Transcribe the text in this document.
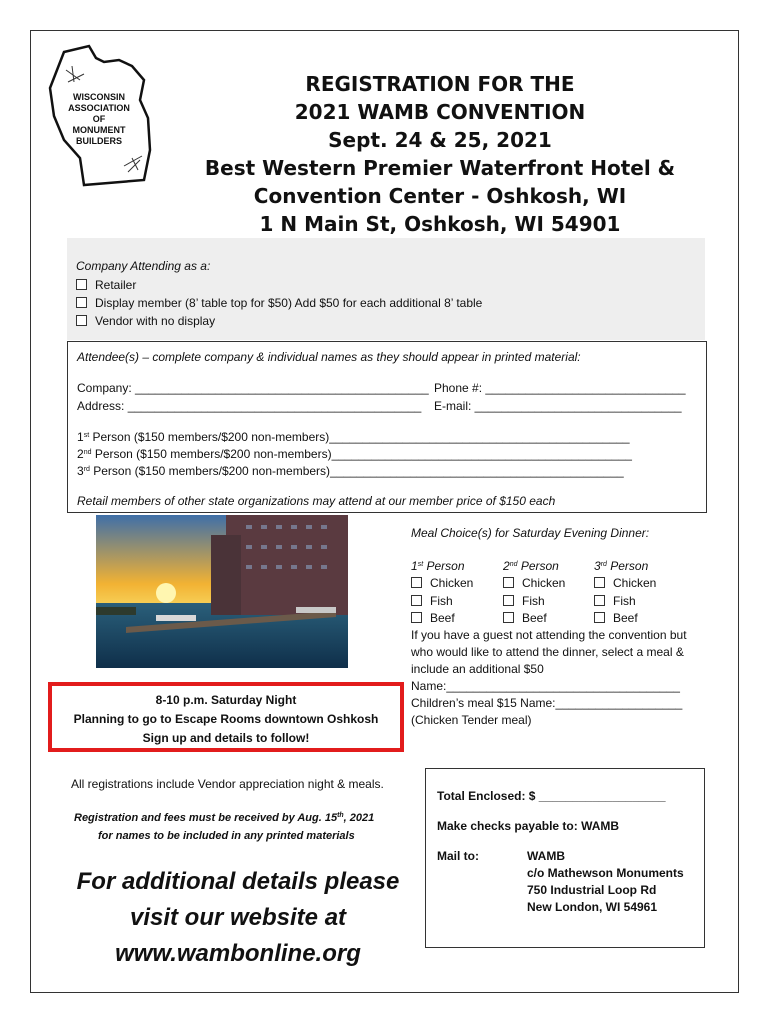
WISCONSIN
ASSOCIATION
OF
MONUMENT
BUILDERS
REGISTRATION FOR THE
2021 WAMB CONVENTION
Sept. 24 & 25, 2021
Best Western Premier Waterfront Hotel &
Convention Center - Oshkosh, WI
1 N Main St, Oshkosh, WI 54901
Company Attending as a:
Retailer
Display member (8’ table top for $50) Add $50 for each additional 8’ table
Vendor with no display
Attendee(s) – complete company & individual names as they should appear in printed material:
Company: ____________________________________________ Phone #: ______________________________
Address: ____________________________________________ E-mail: _______________________________
1st Person ($150 members/$200 non-members)_____________________________________________
2nd Person ($150 members/$200 non-members)_____________________________________________
3rd Person ($150 members/$200 non-members)____________________________________________
Retail members of other state organizations may attend at our member price of $150 each
8-10 p.m. Saturday Night
Planning to go to Escape Rooms downtown Oshkosh
Sign up and details to follow!
Meal Choice(s) for Saturday Evening Dinner:
1st Person	2nd Person	3rd Person
Chicken	Chicken	Chicken
Fish	Fish	Fish
Beef	Beef	Beef
If you have a guest not attending the convention but
who would like to attend the dinner, select a meal &
include an additional $50
Name:___________________________________
Children’s meal $15 Name:___________________
(Chicken Tender meal)
All registrations include Vendor appreciation night & meals.
Registration and fees must be received by Aug. 15th, 2021
for names to be included in any printed materials
Total Enclosed: $ ___________________
Make checks payable to: WAMB
Mail to:	WAMB
c/o Mathewson Monuments
750 Industrial Loop Rd
New London, WI 54961
For additional details please
visit our website at
www.wambonline.org
